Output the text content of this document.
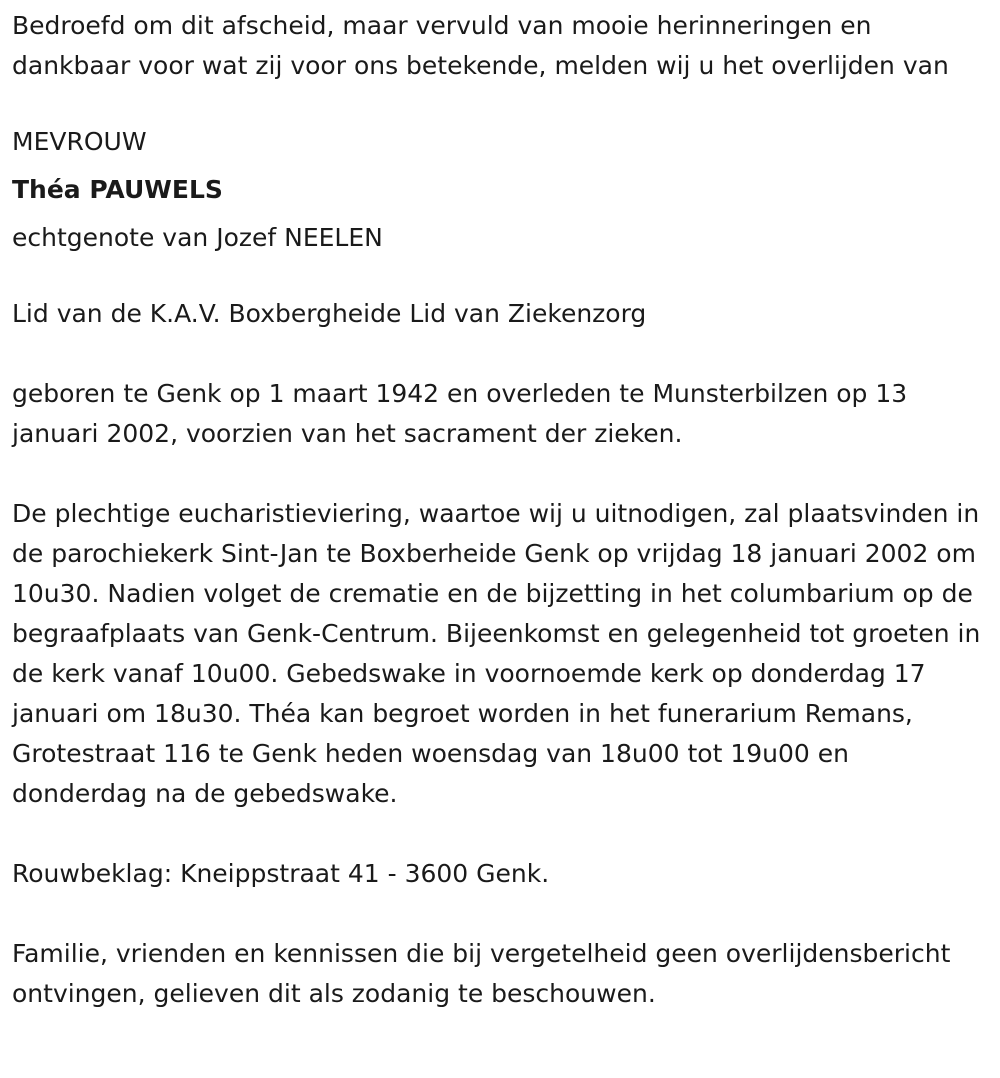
Bedroefd om dit afscheid, maar vervuld van mooie herinneringen en dankbaar voor wat zij voor ons betekende, melden wij u het overlijden van

MEVROUW

Théa PAUWELS

echtgenote van Jozef NEELEN

Lid van de K.A.V. Boxbergheide Lid van Ziekenzorg

geboren te Genk op 1 maart 1942 en overleden te Munsterbilzen op 13 januari 2002, voorzien van het sacrament der zieken.

De plechtige eucharistieviering, waartoe wij u uitnodigen, zal plaatsvinden in de parochiekerk Sint-Jan te Boxberheide Genk op vrijdag 18 januari 2002 om 10u30. Nadien volget de crematie en de bijzetting in het columbarium op de begraafplaats van Genk-Centrum. Bijeenkomst en gelegenheid tot groeten in de kerk vanaf 10u00. Gebedswake in voornoemde kerk op donderdag 17 januari om 18u30. Théa kan begroet worden in het funerarium Remans, Grotestraat 116 te Genk heden woensdag van 18u00 tot 19u00 en donderdag na de gebedswake.

Rouwbeklag: Kneippstraat 41 - 3600 Genk.

Familie, vrienden en kennissen die bij vergetelheid geen overlijdensbericht ontvingen, gelieven dit als zodanig te beschouwen.
